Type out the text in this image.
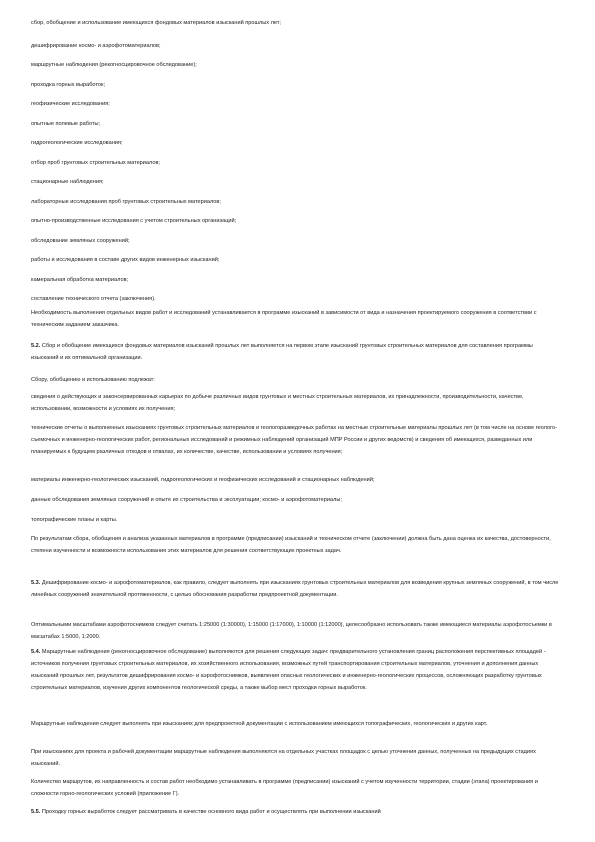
сбор, обобщение и использование имеющихся фондовых материалов изысканий прошлых лет;
дешифрирование космо- и аэрофотоматериалов;
маршрутные наблюдения (рекогносцировочное обследование);
проходка горных выработок;
геофизические исследования;
опытные полевые работы;
гидрогеологические исследования;
отбор проб грунтовых строительных материалов;
стационарные наблюдения;
лабораторные исследования проб грунтовых строительных материалов;
опытно-производственные исследования с учетом строительных организаций;
обследование земляных сооружений;
работы и исследования в составе других видов инженерных изысканий;
камеральная обработка материалов;
составление технического отчета (заключения).
Необходимость выполнения отдельных видов работ и исследований устанавливается в программе изысканий в зависимости от вида и назначения проектируемого сооружения в соответствии с техническим заданием заказчика.
5.2. Сбор и обобщение имеющихся фондовых материалов изысканий прошлых лет выполняется на первом этапе изысканий грунтовых строительных материалов для составления программы изысканий и их оптимальной организации.
Сбору, обобщению и использованию подлежат:
сведения о действующих и законсервированных карьерах по добыче различных видов грунтовых и местных строительных материалов, их принадлежности, производительности, качестве, использовании, возможности и условиях их получения;
технические отчеты о выполненных изысканиях грунтовых строительных материалов и геологоразведочных работах на местные строительные материалы прошлых лет (в том числе на основе геолого-съемочных и инженерно-геологических работ, региональных исследований и режимных наблюдений организаций МПР России и других ведомств) и сведения об имеющихся, разведанных или планируемых к будущем различных отходов и отвалах, их количестве, качестве, использовании и условиях получения;
материалы инженерно-геологических изысканий, гидрогеологических и геофизических исследований и стационарных наблюдений;
данные обследования земляных сооружений и опыте их строительства и эксплуатации; космо- и аэрофотоматериалы;
топографические планы и карты.
По результатам сбора, обобщения и анализа указанных материалов в программе (предписании) изысканий и техническом отчете (заключении) должна быть дана оценка их качества, достоверности, степени изученности и возможности использования этих материалов для решения соответствующих проектных задач.
5.3. Дешифрирование космо- и аэрофотоматериалов, как правило, следует выполнять при изысканиях грунтовых строительных материалов для возведения крупных земляных сооружений, в том числе линейных сооружений значительной протяженности, с целью обоснования разработки предпроектной документации.
Оптимальными масштабами аэрофотоснимков следует считать 1:25000 (1:30000), 1:15000 (1:17000), 1:10000 (1:12000), целесообразно использовать также имеющиеся материалы аэрофотосъемки в масштабах 1:5000, 1:2000.
5.4. Маршрутные наблюдения (рекогносцировочное обследование) выполняются для решения следующих задач: предварительного установления границ расположения перспективных площадей - источников получения грунтовых строительных материалов, их хозяйственного использования, возможных путей транспортирования строительных материалов, уточнения и дополнения данных изысканий прошлых лет, результатов дешифрирования космо- и аэрофотоснимков, выявления опасных геологических и инженерно-геологических процессов, осложняющих разработку грунтовых строительных материалов, изучения других компонентов геологической среды, а также выбор мест проходки горных выработок.
Маршрутные наблюдения следует выполнять при изысканиях для предпроектной документации с использованием имеющихся топографических, геологических и других карт.
При изысканиях для проекта и рабочей документации маршрутные наблюдения выполняются на отдельных участках площадок с целью уточнения данных, полученных на предыдущих стадиях изысканий.
Количество маршрутов, их направленность и состав работ необходимо устанавливать в программе (предписании) изысканий с учетом изученности территории, стадии (этапа) проектирования и сложности горно-геологических условий (приложение Г).
5.5. Проходку горных выработок следует рассматривать в качестве основного вида работ и осуществлять при выполнении изысканий
